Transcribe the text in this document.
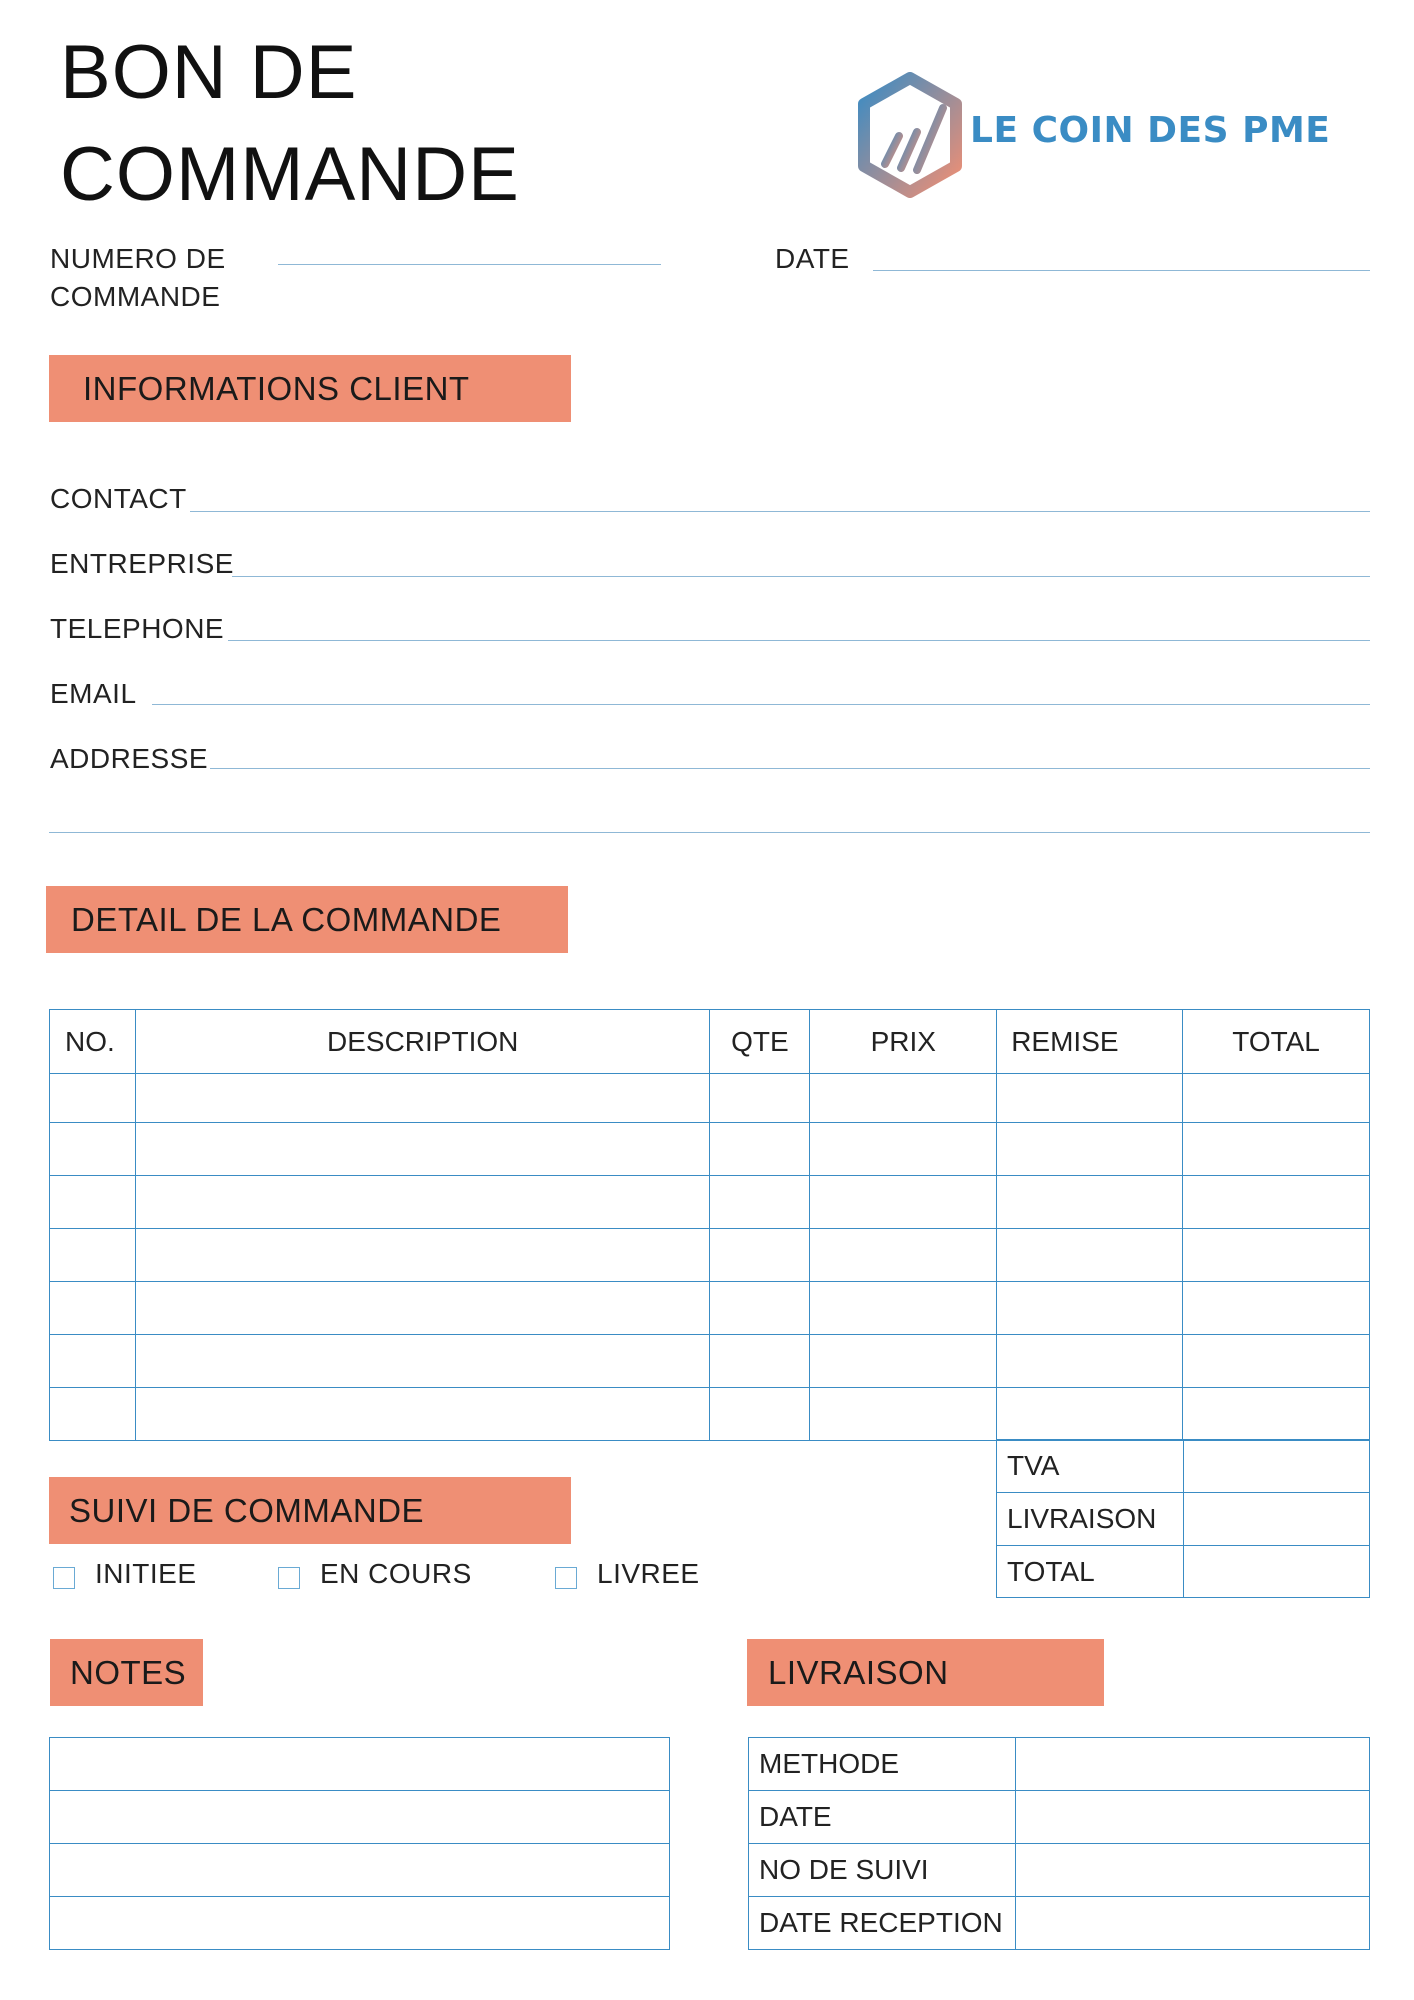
BON DE
COMMANDE
LE COIN DES PME
NUMERO DE
COMMANDE
DATE
INFORMATIONS CLIENT
CONTACT
ENTREPRISE
TELEPHONE
EMAIL
ADDRESSE
DETAIL DE LA COMMANDE
NO.	DESCRIPTION	QTE	PRIX	REMISE	TOTAL

TVA	
LIVRAISON	
TOTAL	
SUIVI DE COMMANDE
INITIEE	EN COURS	LIVREE
NOTES	LIVRAISON
METHODE	
DATE	
NO DE SUIVI	
DATE RECEPTION	
